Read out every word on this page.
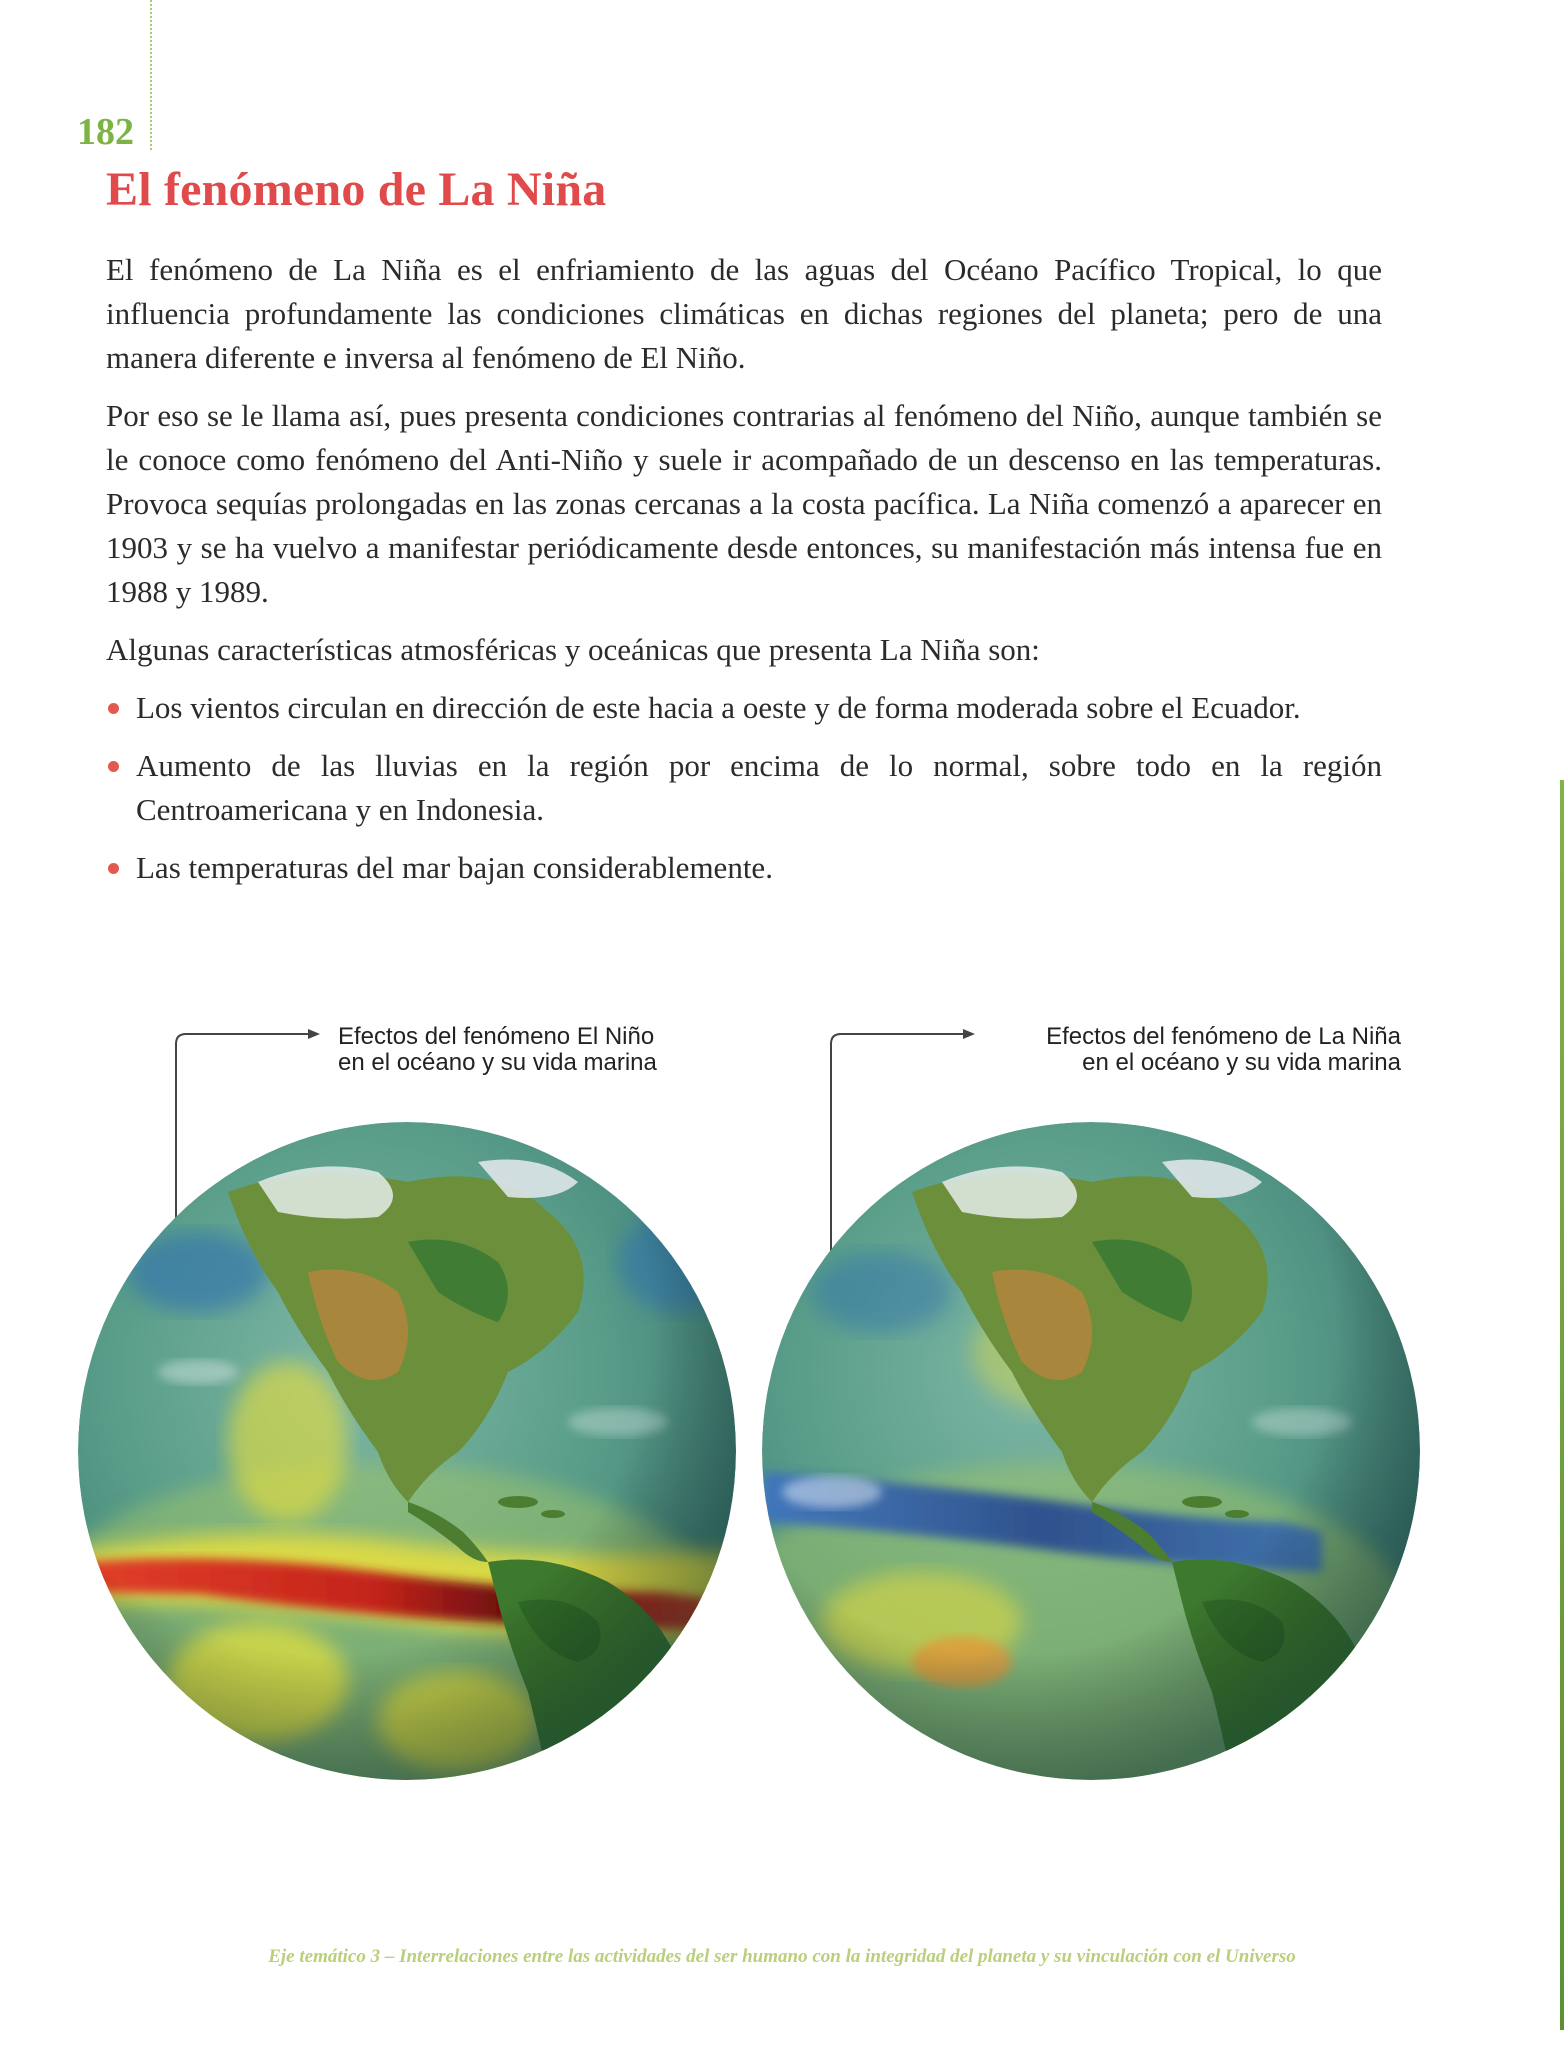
182
El fenómeno de La Niña

El fenómeno de La Niña es el enfriamiento de las aguas del Océano Pacífico Tropical, lo que influencia profundamente las condiciones climáticas en dichas regiones del planeta; pero de una manera diferente e inversa al fenómeno de El Niño.

Por eso se le llama así, pues presenta condiciones contrarias al fenómeno del Niño, aunque también se le conoce como fenómeno del Anti-Niño y suele ir acompañado de un descenso en las temperaturas. Provoca sequías prolongadas en las zonas cercanas a la costa pacífica. La Niña comenzó a aparecer en 1903 y se ha vuelvo a manifestar periódicamente desde entonces, su manifestación más intensa fue en 1988 y 1989.

Algunas características atmosféricas y oceánicas que presenta La Niña son:

Los vientos circulan en dirección de este hacia a oeste y de forma moderada sobre el Ecuador.
Aumento de las lluvias en la región por encima de lo normal, sobre todo en la región Centroamericana y en Indonesia.
Las temperaturas del mar bajan considerablemente.
Efectos del fenómeno El Niño
en el océano y su vida marina
Efectos del fenómeno de La Niña
en el océano y su vida marina
Eje temático 3 – Interrelaciones entre las actividades del ser humano con la integridad del planeta y su vinculación con el Universo
